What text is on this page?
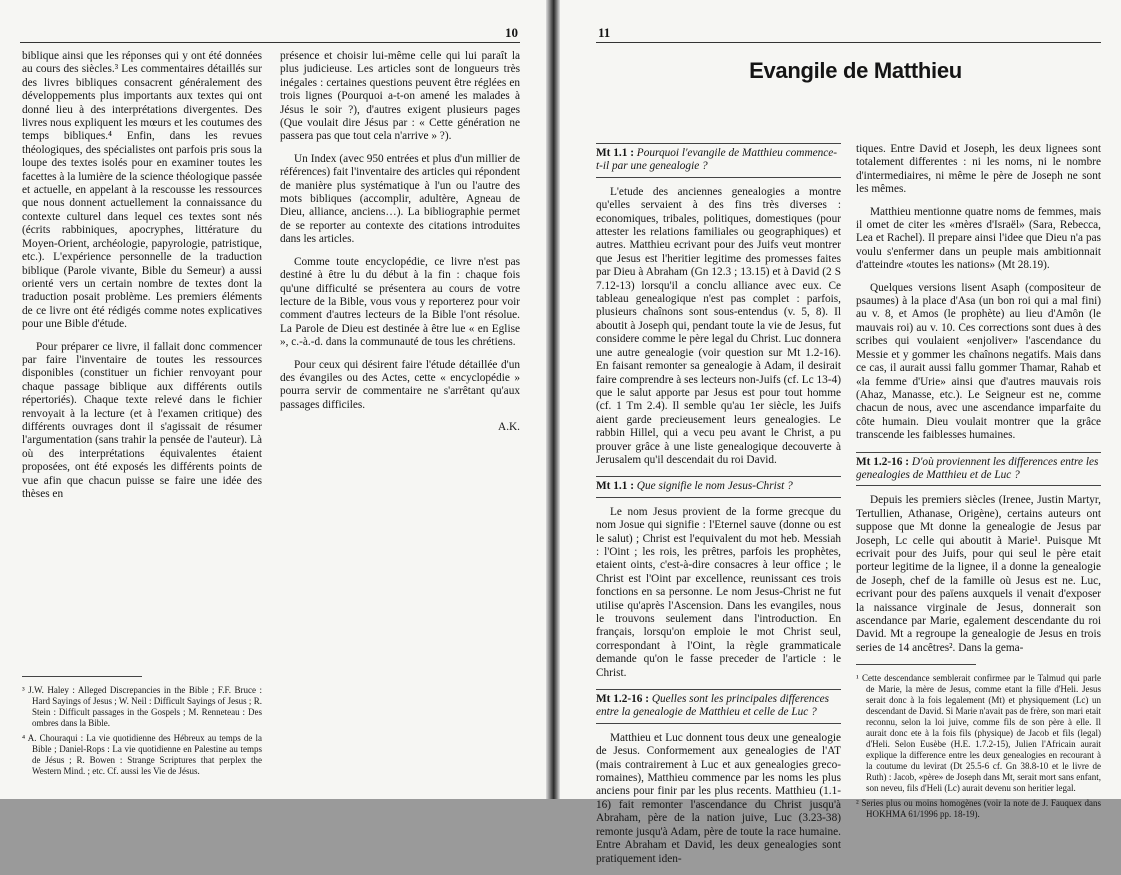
10

biblique ainsi que les réponses qui y ont été données au cours des siècles.³ Les commentaires détaillés sur des livres bibliques consacrent généralement des développements plus importants aux textes qui ont donné lieu à des interprétations divergentes. Des livres nous expliquent les mœurs et les coutumes des temps bibliques.⁴ Enfin, dans les revues théologiques, des spécialistes ont parfois pris sous la loupe des textes isolés pour en examiner toutes les facettes à la lumière de la science théologique passée et actuelle, en appelant à la rescousse les ressources que nous donnent actuellement la connaissance du contexte culturel dans lequel ces textes sont nés (écrits rabbiniques, apocryphes, littérature du Moyen-Orient, archéologie, papyrologie, patristique, etc.). L'expérience personnelle de la traduction biblique (Parole vivante, Bible du Semeur) a aussi orienté vers un certain nombre de textes dont la traduction posait problème. Les premiers éléments de ce livre ont été rédigés comme notes explicatives pour une Bible d'étude.

Pour préparer ce livre, il fallait donc commencer par faire l'inventaire de toutes les ressources disponibles (constituer un fichier renvoyant pour chaque passage biblique aux différents outils répertoriés). Chaque texte relevé dans le fichier renvoyait à la lecture (et à l'examen critique) des différents ouvrages dont il s'agissait de résumer l'argumentation (sans trahir la pensée de l'auteur). Là où des interprétations équivalentes étaient proposées, ont été exposés les différents points de vue afin que chacun puisse se faire une idée des thèses en

présence et choisir lui-même celle qui lui paraît la plus judicieuse. Les articles sont de longueurs très inégales : certaines questions peuvent être réglées en trois lignes (Pourquoi a-t-on amené les malades à Jésus le soir ?), d'autres exigent plusieurs pages (Que voulait dire Jésus par : « Cette génération ne passera pas que tout cela n'arrive » ?).

Un Index (avec 950 entrées et plus d'un millier de références) fait l'inventaire des articles qui répondent de manière plus systématique à l'un ou l'autre des mots bibliques (accomplir, adultère, Agneau de Dieu, alliance, anciens…). La bibliographie permet de se reporter au contexte des citations introduites dans les articles.

Comme toute encyclopédie, ce livre n'est pas destiné à être lu du début à la fin : chaque fois qu'une difficulté se présentera au cours de votre lecture de la Bible, vous vous y reporterez pour voir comment d'autres lecteurs de la Bible l'ont résolue. La Parole de Dieu est destinée à être lue « en Eglise », c.-à.-d. dans la communauté de tous les chrétiens.

Pour ceux qui désirent faire l'étude détaillée d'un des évangiles ou des Actes, cette « encyclopédie » pourra servir de commentaire ne s'arrêtant qu'aux passages difficiles.

A.K.
³ J.W. Haley : Alleged Discrepancies in the Bible ; F.F. Bruce : Hard Sayings of Jesus ; W. Neil : Difficult Sayings of Jesus ; R. Stein : Difficult passages in the Gospels ; M. Renneteau : Des ombres dans la Bible.
⁴ A. Chouraqui : La vie quotidienne des Hébreux au temps de la Bible ; Daniel-Rops : La vie quotidienne en Palestine au temps de Jésus ; R. Bowen : Strange Scriptures that perplex the Western Mind. ; etc. Cf. aussi les Vie de Jésus.
11
Evangile de Matthieu
Mt 1.1 : Pourquoi l'evangile de Matthieu commence-t-il par une genealogie ?

L'etude des anciennes genealogies a montre qu'elles servaient à des fins très diverses : economiques, tribales, politiques, domestiques (pour attester les relations familiales ou geographiques) et autres. Matthieu ecrivant pour des Juifs veut montrer que Jesus est l'heritier legitime des promesses faites par Dieu à Abraham (Gn 12.3 ; 13.15) et à David (2 S 7.12-13) lorsqu'il a conclu alliance avec eux. Ce tableau genealogique n'est pas complet : parfois, plusieurs chaînons sont sous-entendus (v. 5, 8). Il aboutit à Joseph qui, pendant toute la vie de Jesus, fut considere comme le père legal du Christ. Luc donnera une autre genealogie (voir question sur Mt 1.2-16). En faisant remonter sa genealogie à Adam, il desirait faire comprendre à ses lecteurs non-Juifs (cf. Lc 13-4) que le salut apporte par Jesus est pour tout homme (cf. 1 Tm 2.4). Il semble qu'au 1er siècle, les Juifs aient garde precieusement leurs genealogies. Le rabbin Hillel, qui a vecu peu avant le Christ, a pu prouver grâce à une liste genealogique decouverte à Jerusalem qu'il descendait du roi David.

Mt 1.1 : Que signifie le nom Jesus-Christ ?

Le nom Jesus provient de la forme grecque du nom Josue qui signifie : l'Eternel sauve (donne ou est le salut) ; Christ est l'equivalent du mot heb. Messiah : l'Oint ; les rois, les prêtres, parfois les prophètes, etaient oints, c'est-à-dire consacres à leur office ; le Christ est l'Oint par excellence, reunissant ces trois fonctions en sa personne. Le nom Jesus-Christ ne fut utilise qu'après l'Ascension. Dans les evangiles, nous le trouvons seulement dans l'introduction. En français, lorsqu'on emploie le mot Christ seul, correspondant à l'Oint, la règle grammaticale demande qu'on le fasse preceder de l'article : le Christ.

Mt 1.2-16 : Quelles sont les principales differences entre la genealogie de Matthieu et celle de Luc ?

Matthieu et Luc donnent tous deux une genealogie de Jesus. Conformement aux genealogies de l'AT (mais contrairement à Luc et aux genealogies greco-romaines), Matthieu commence par les noms les plus anciens pour finir par les plus recents. Matthieu (1.1-16) fait remonter l'ascendance du Christ jusqu'à Abraham, père de la nation juive, Luc (3.23-38) remonte jusqu'à Adam, père de toute la race humaine. Entre Abraham et David, les deux genealogies sont pratiquement iden-

tiques. Entre David et Joseph, les deux lignees sont totalement differentes : ni les noms, ni le nombre d'intermediaires, ni même le père de Joseph ne sont les mêmes.

Matthieu mentionne quatre noms de femmes, mais il omet de citer les «mères d'Israël» (Sara, Rebecca, Lea et Rachel). Il prepare ainsi l'idee que Dieu n'a pas voulu s'enfermer dans un peuple mais ambitionnait d'atteindre «toutes les nations» (Mt 28.19).

Quelques versions lisent Asaph (compositeur de psaumes) à la place d'Asa (un bon roi qui a mal fini) au v. 8, et Amos (le prophète) au lieu d'Amôn (le mauvais roi) au v. 10. Ces corrections sont dues à des scribes qui voulaient «enjoliver» l'ascendance du Messie et y gommer les chaînons negatifs. Mais dans ce cas, il aurait aussi fallu gommer Thamar, Rahab et «la femme d'Urie» ainsi que d'autres mauvais rois (Ahaz, Manasse, etc.). Le Seigneur est ne, comme chacun de nous, avec une ascendance imparfaite du côte humain. Dieu voulait montrer que la grâce transcende les faiblesses humaines.

Mt 1.2-16 : D'où proviennent les differences entre les genealogies de Matthieu et de Luc ?

Depuis les premiers siècles (Irenee, Justin Martyr, Tertullien, Athanase, Origène), certains auteurs ont suppose que Mt donne la genealogie de Jesus par Joseph, Lc celle qui aboutit à Marie¹. Puisque Mt ecrivait pour des Juifs, pour qui seul le père etait porteur legitime de la lignee, il a donne la genealogie de Joseph, chef de la famille où Jesus est ne. Luc, ecrivant pour des païens auxquels il venait d'exposer la naissance virginale de Jesus, donnerait son ascendance par Marie, egalement descendante du roi David. Mt a regroupe la genealogie de Jesus en trois series de 14 ancêtres². Dans la gema-

¹ Cette descendance semblerait confirmee par le Talmud qui parle de Marie, la mère de Jesus, comme etant la fille d'Heli. Jesus serait donc à la fois legalement (Mt) et physiquement (Lc) un descendant de David. Si Marie n'avait pas de frère, son mari etait reconnu, selon la loi juive, comme fils de son père à elle. Il aurait donc ete à la fois fils (physique) de Jacob et fils (legal) d'Heli. Selon Eusèbe (H.E. 1.7.2-15), Julien l'Africain aurait explique la difference entre les deux genealogies en recourant à la coutume du levirat (Dt 25.5-6 cf. Gn 38.8-10 et le livre de Ruth) : Jacob, «père» de Joseph dans Mt, serait mort sans enfant, son neveu, fils d'Heli (Lc) aurait devenu son heritier legal.
² Series plus ou moins homogènes (voir la note de J. Fauquex dans HOKHMA 61/1996 pp. 18-19).
